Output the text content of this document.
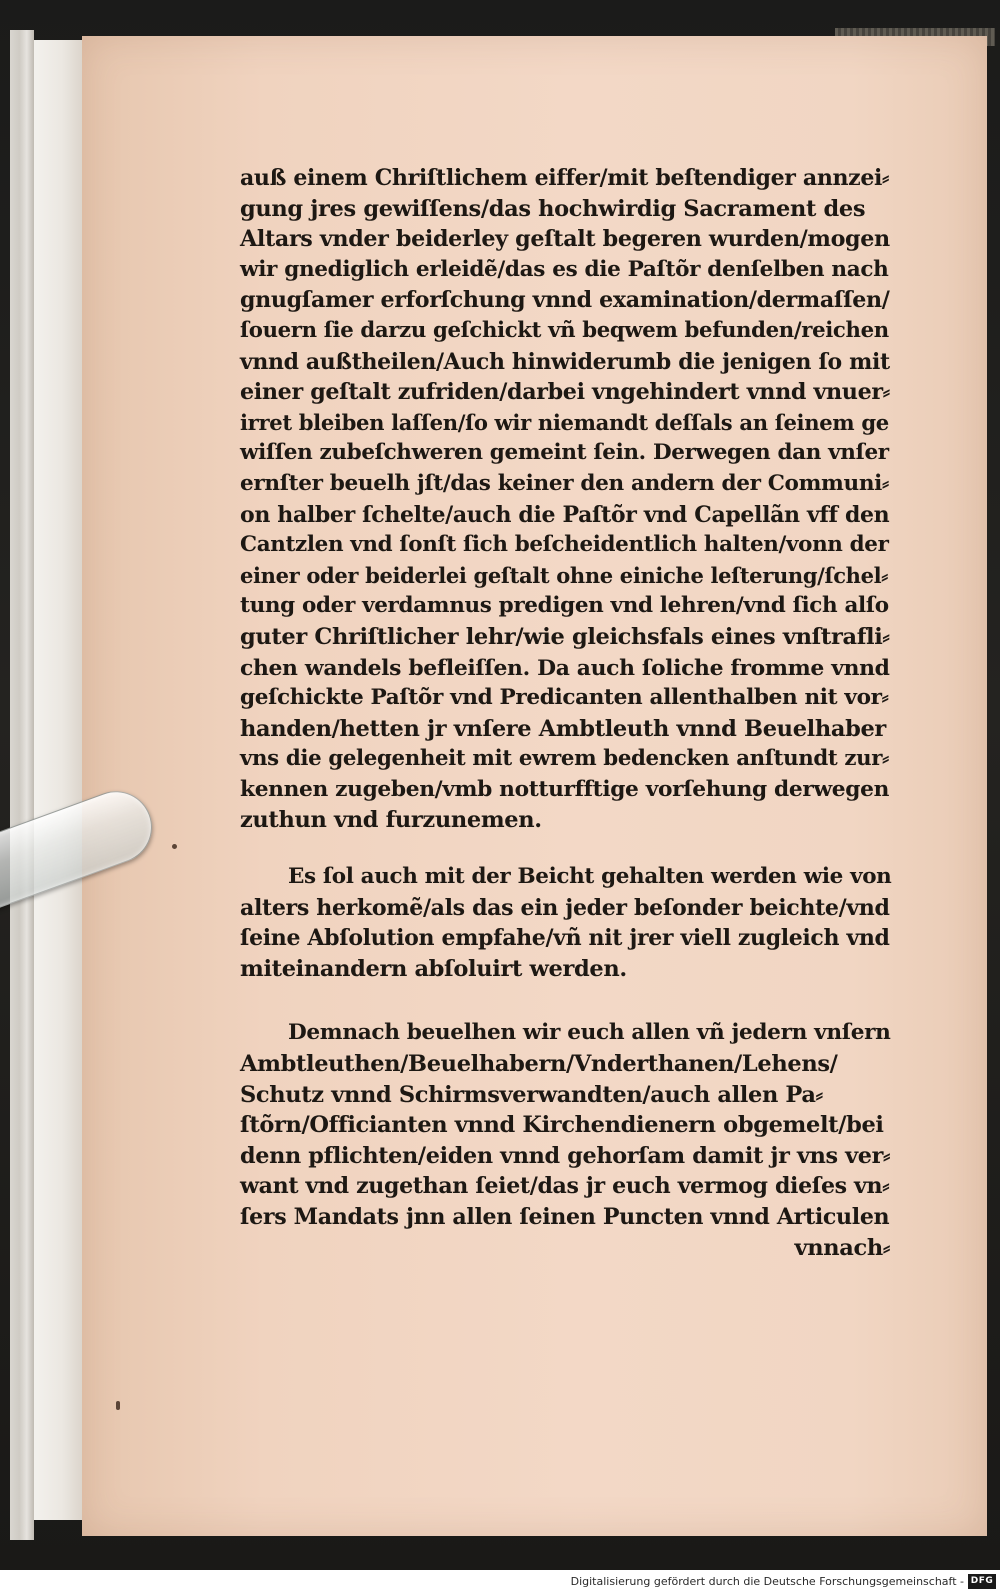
auß einem Chriſtlichem eiffer/mit beſtendiger annzei⸗
gung jres gewiſſens/das hochwirdig Sacrament des
Altars vnder beiderley geſtalt begeren wurden/mogen
wir gnediglich erleidẽ/das es die Paſtõr denſelben nach
gnugſamer erforſchung vnnd examination/dermaſſen/
ſouern ſie darzu geſchickt vñ beqwem befunden/reichen
vnnd außtheilen/Auch hinwiderumb die jenigen ſo mit
einer geſtalt zufriden/darbei vngehindert vnnd vnuer⸗
irret bleiben laſſen/ſo wir niemandt deſſals an ſeinem ge
wiſſen zubeſchweren gemeint ſein. Derwegen dan vnſer
ernſter beuelh jſt/das keiner den andern der Communi⸗
on halber ſchelte/auch die Paſtõr vnd Capellãn vff den
Cantzlen vnd ſonſt ſich beſcheidentlich halten/vonn der
einer oder beiderlei geſtalt ohne einiche leſterung/ſchel⸗
tung oder verdamnus predigen vnd lehren/vnd ſich alſo
guter Chriſtlicher lehr/wie gleichsfals eines vnſtrafli⸗
chen wandels befleiſſen. Da auch ſoliche fromme vnnd
geſchickte Paſtõr vnd Predicanten allenthalben nit vor⸗
handen/hetten jr vnſere Ambtleuth vnnd Beuelhaber
vns die gelegenheit mit ewrem bedencken anſtundt zur⸗
kennen zugeben/vmb notturfftige vorſehung derwegen
zuthun vnd furzunemen.
Es ſol auch mit der Beicht gehalten werden wie von
alters herkomẽ/als das ein jeder beſonder beichte/vnd
ſeine Abſolution empfahe/vñ nit jrer viell zugleich vnd
miteinandern abſoluirt werden.
Demnach beuelhen wir euch allen vñ jedern vnſern
Ambtleuthen/Beuelhabern/Vnderthanen/Lehens/
Schutz vnnd Schirmsverwandten/auch allen Pa⸗
ſtõrn/Officianten vnnd Kirchendienern obgemelt/bei
denn pflichten/eiden vnnd gehorſam damit jr vns ver⸗
want vnd zugethan ſeiet/das jr euch vermog dieſes vn⸗
ſers Mandats jnn allen ſeinen Puncten vnnd Articulen
vnnach⸗
Digitalisierung gefördert durch die Deutsche Forschungsgemeinschaft - DFG
